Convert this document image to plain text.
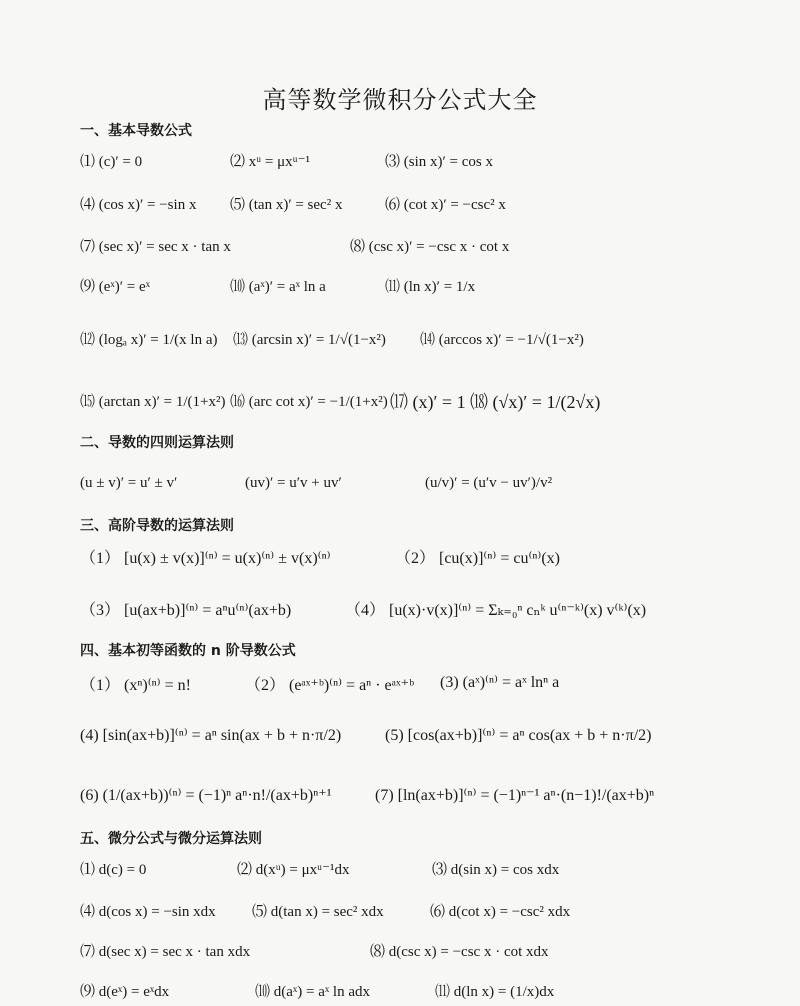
高等数学微积分公式大全
一、基本导数公式
⑴ (c)′ = 0	⑵ xᵘ = μxᵘ⁻¹	⑶ (sin x)′ = cos x
⑷ (cos x)′ = −sin x ⑸ (tan x)′ = sec² x	⑹ (cot x)′ = −csc² x
⑺ (sec x)′ = sec x · tan x	⑻ (csc x)′ = −csc x · cot x
⑼ (eˣ)′ = eˣ	⑽ (aˣ)′ = aˣ ln a	⑾ (ln x)′ = 1/x
⑿ (logₐ x)′ = 1/(x ln a) ⒀ (arcsin x)′ = 1/√(1−x²) ⒁ (arccos x)′ = −1/√(1−x²)
⒂ (arctan x)′ = 1/(1+x²) ⒃ (arc cot x)′ = −1/(1+x²) ⒄ (x)′ = 1 ⒅ (√x)′ = 1/(2√x)
二、导数的四则运算法则
(u ± v)′ = u′ ± v′	(uv)′ = u′v + uv′	(u/v)′ = (u′v − uv′)/v²
三、高阶导数的运算法则
（1） [u(x) ± v(x)]⁽ⁿ⁾ = u(x)⁽ⁿ⁾ ± v(x)⁽ⁿ⁾	（2） [cu(x)]⁽ⁿ⁾ = cu⁽ⁿ⁾(x)
（3） [u(ax+b)]⁽ⁿ⁾ = aⁿu⁽ⁿ⁾(ax+b)	（4） [u(x)·v(x)]⁽ⁿ⁾ = Σₖ₌₀ⁿ cₙᵏ u⁽ⁿ⁻ᵏ⁾(x) v⁽ᵏ⁾(x)
四、基本初等函数的 n 阶导数公式
（1） (xⁿ)⁽ⁿ⁾ = n!	（2） (eᵃˣ⁺ᵇ)⁽ⁿ⁾ = aⁿ · eᵃˣ⁺ᵇ (3) (aˣ)⁽ⁿ⁾ = aˣ lnⁿ a
(4) [sin(ax+b)]⁽ⁿ⁾ = aⁿ sin(ax + b + n·π/2)	(5) [cos(ax+b)]⁽ⁿ⁾ = aⁿ cos(ax + b + n·π/2)
(6) (1/(ax+b))⁽ⁿ⁾ = (−1)ⁿ aⁿ·n!/(ax+b)ⁿ⁺¹	(7) [ln(ax+b)]⁽ⁿ⁾ = (−1)ⁿ⁻¹ aⁿ·(n−1)!/(ax+b)ⁿ
五、微分公式与微分运算法则
⑴ d(c) = 0	⑵ d(xᵘ) = μxᵘ⁻¹dx	⑶ d(sin x) = cos xdx
⑷ d(cos x) = −sin xdx ⑸ d(tan x) = sec² xdx	⑹ d(cot x) = −csc² xdx
⑺ d(sec x) = sec x · tan xdx	⑻ d(csc x) = −csc x · cot xdx
⑼ d(eˣ) = eˣdx	⑽ d(aˣ) = aˣ ln adx	⑾ d(ln x) = (1/x)dx
